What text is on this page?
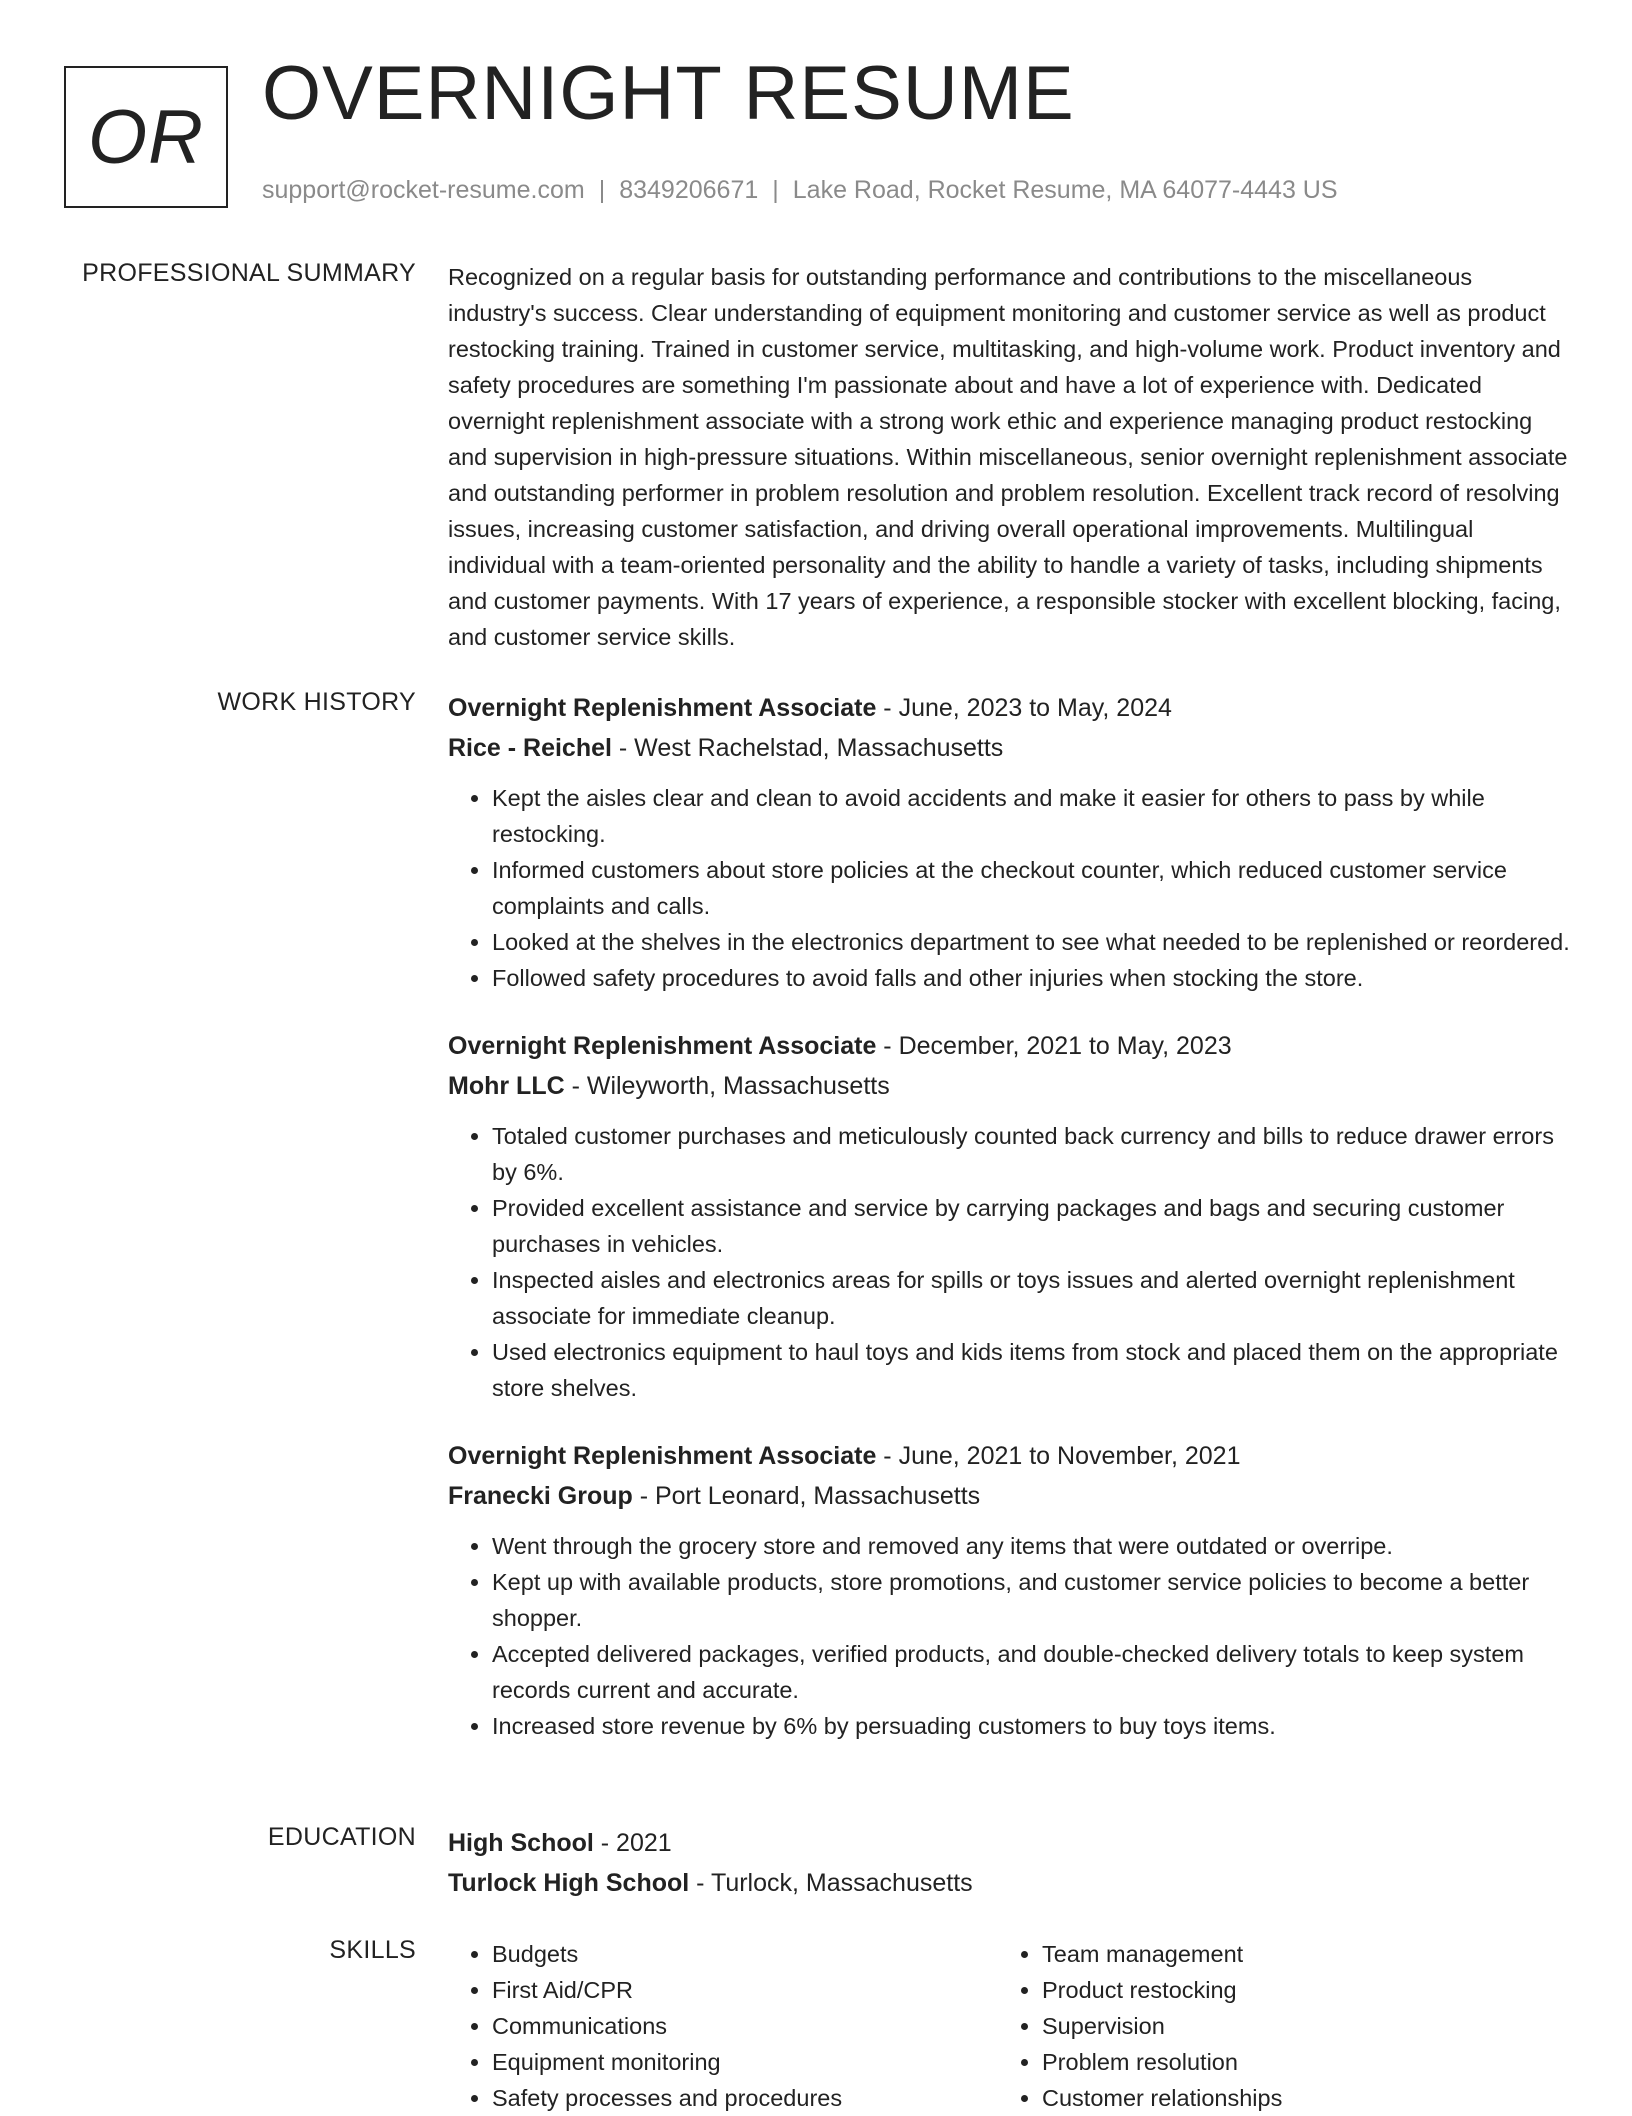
OR
OVERNIGHT RESUME
support@rocket-resume.com | 8349206671 | Lake Road, Rocket Resume, MA 64077-4443 US
PROFESSIONAL SUMMARY Recognized on a regular basis for outstanding performance and contributions to the miscellaneous industry's success. Clear understanding of equipment monitoring and customer service as well as product restocking training. Trained in customer service, multitasking, and high-volume work. Product inventory and safety procedures are something I'm passionate about and have a lot of experience with. Dedicated overnight replenishment associate with a strong work ethic and experience managing product restocking and supervision in high-pressure situations. Within miscellaneous, senior overnight replenishment associate and outstanding performer in problem resolution and problem resolution. Excellent track record of resolving issues, increasing customer satisfaction, and driving overall operational improvements. Multilingual individual with a team-oriented personality and the ability to handle a variety of tasks, including shipments and customer payments. With 17 years of experience, a responsible stocker with excellent blocking, facing, and customer service skills.

WORK HISTORY Overnight Replenishment Associate - June, 2023 to May, 2024
Rice - Reichel - West Rachelstad, Massachusetts
• Kept the aisles clear and clean to avoid accidents and make it easier for others to pass by while restocking.
• Informed customers about store policies at the checkout counter, which reduced customer service complaints and calls.
• Looked at the shelves in the electronics department to see what needed to be replenished or reordered.
• Followed safety procedures to avoid falls and other injuries when stocking the store.
Overnight Replenishment Associate - December, 2021 to May, 2023
Mohr LLC - Wileyworth, Massachusetts
• Totaled customer purchases and meticulously counted back currency and bills to reduce drawer errors by 6%.
• Provided excellent assistance and service by carrying packages and bags and securing customer purchases in vehicles.
• Inspected aisles and electronics areas for spills or toys issues and alerted overnight replenishment associate for immediate cleanup.
• Used electronics equipment to haul toys and kids items from stock and placed them on the appropriate store shelves.
Overnight Replenishment Associate - June, 2021 to November, 2021
Franecki Group - Port Leonard, Massachusetts
• Went through the grocery store and removed any items that were outdated or overripe.
• Kept up with available products, store promotions, and customer service policies to become a better shopper.
• Accepted delivered packages, verified products, and double-checked delivery totals to keep system records current and accurate.
• Increased store revenue by 6% by persuading customers to buy toys items.
EDUCATION High School - 2021
Turlock High School - Turlock, Massachusetts
SKILLS
•	Budgets
• First Aid/CPR
• Communications
• Equipment monitoring
• Safety processes and procedures
• Team management
• Product restocking
• Supervision
• Problem resolution
• Customer relationships
